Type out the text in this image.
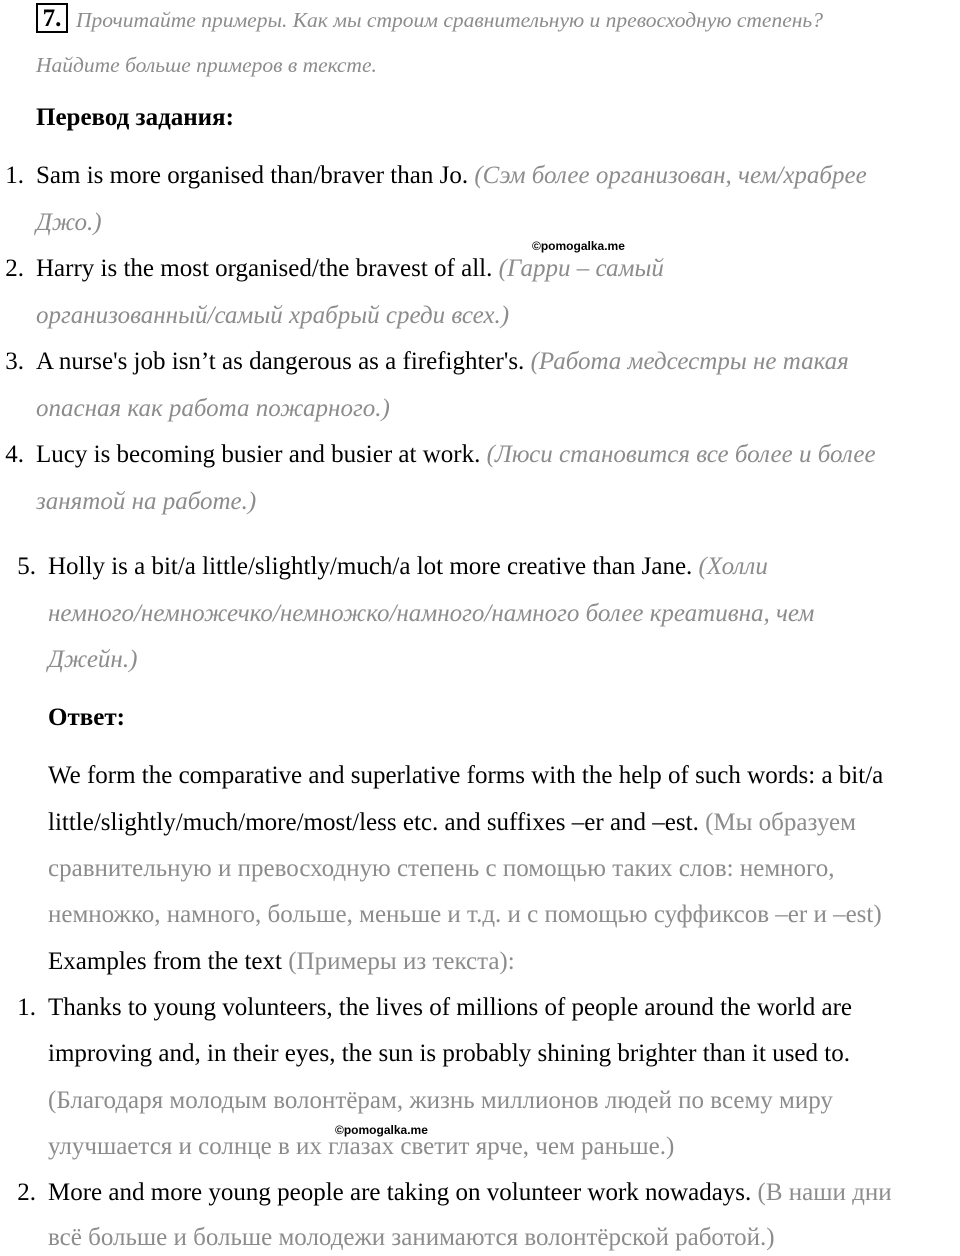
7. Прочитайте примеры. Как мы строим сравнительную и превосходную степень?
Найдите больше примеров в тексте.
Перевод задания:
1. Sam is more organised than/braver than Jo. (Сэм более организован, чем/храбрее
Джо.)
©pomogalka.me
2. Harry is the most organised/the bravest of all. (Гарри – самый
организованный/самый храбрый среди всех.)
3. A nurse's job isn’t as dangerous as a firefighter's. (Работа медсестры не такая
опасная как работа пожарного.)
4. Lucy is becoming busier and busier at work. (Люси становится все более и более
занятой на работе.)
5. Holly is a bit/a little/slightly/much/a lot more creative than Jane. (Холли
немного/немножечко/немножко/намного/намного более креативна, чем
Джейн.)
Ответ:
We form the comparative and superlative forms with the help of such words: a bit/a
little/slightly/much/more/most/less etc. and suffixes –er and –est. (Мы образуем
сравнительную и превосходную степень с помощью таких слов: немного,
немножко, намного, больше, меньше и т.д. и с помощью суффиксов –er и –est)
Examples from the text (Примеры из текста):
1. Thanks to young volunteers, the lives of millions of people around the world are
improving and, in their eyes, the sun is probably shining brighter than it used to.
(Благодаря молодым волонтёрам, жизнь миллионов людей по всему миру
©pomogalka.me
улучшается и солнце в их глазах светит ярче, чем раньше.)
2. More and more young people are taking on volunteer work nowadays. (В наши дни
всё больше и больше молодежи занимаются волонтёрской работой.)
